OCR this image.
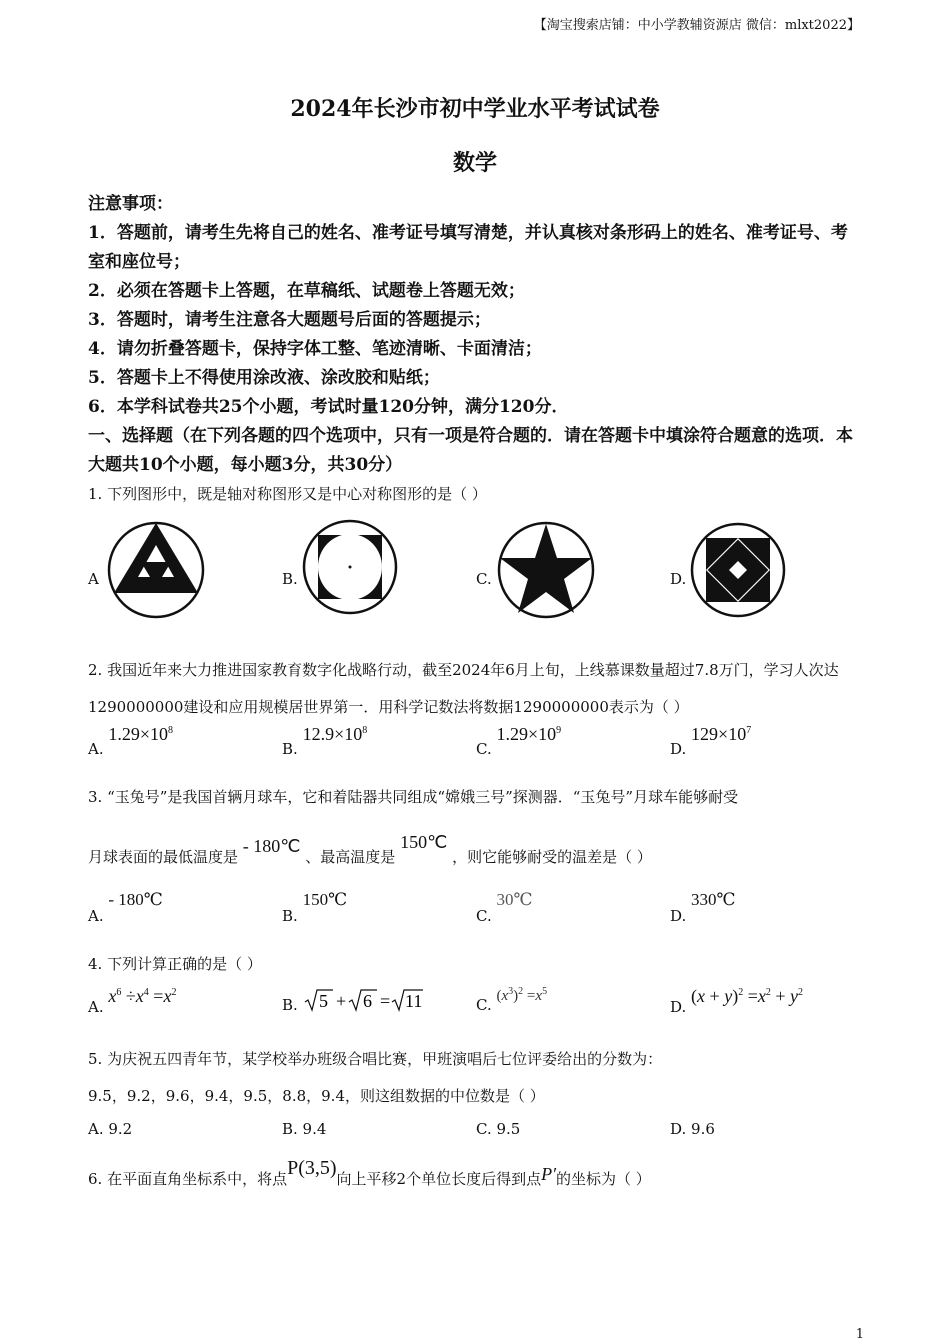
【淘宝搜索店铺：中小学教辅资源店 微信：mlxt2022】
2024年长沙市初中学业水平考试试卷
数学
注意事项：
1．答题前，请考生先将自己的姓名、准考证号填写清楚，并认真核对条形码上的姓名、准考证号、考室和座位号；
2．必须在答题卡上答题，在草稿纸、试题卷上答题无效；
3．答题时，请考生注意各大题题号后面的答题提示；
4．请勿折叠答题卡，保持字体工整、笔迹清晰、卡面清洁；
5．答题卡上不得使用涂改液、涂改胶和贴纸；
6．本学科试卷共25个小题，考试时量120分钟，满分120分．
一、选择题（在下列各题的四个选项中，只有一项是符合题的．请在答题卡中填涂符合题意的选项．本大题共10个小题，每小题3分，共30分）
1. 下列图形中，既是轴对称图形又是中心对称图形的是（ ）
A	B.	C.	D.
2. 我国近年来大力推进国家教育数字化战略行动，截至2024年6月上旬，上线慕课数量超过7.8万门，学习人次达1290000000建设和应用规模居世界第一．用科学记数法将数据1290000000表示为（ ）
A. $1.29\times 10^8$
B. $12.9\times 10^8$
C. $1.29\times 10^9$
D. $129\times 10^7$
3. “玉兔号”是我国首辆月球车，它和着陆器共同组成“嫦娥三号”探测器．“玉兔号”月球车能够耐受
月球表面的最低温度是 - 180℃ 、最高温度是 150℃ ，则它能够耐受的温差是（ ）
A. - 180℃
B. 150℃
C. 30℃
D. 330℃
4. 下列计算正确的是（ ）
A. $x^6 \div x^4 =x^2$
B. 5 + 6 = 11	C. $(x^3)^2 =x^5$
D. $(x + y)^2 =x^2 + y^2$
5. 为庆祝五四青年节，某学校举办班级合唱比赛，甲班演唱后七位评委给出的分数为：
9.5，9.2，9.6，9.4，9.5，8.8，9.4，则这组数据的中位数是（ ）
A. 9.2	B. 9.4	C. 9.5	D. 9.6
6. 在平面直角坐标系中，将点P(3,5)向上平移2个单位长度后得到点P′的坐标为（ ）
1
